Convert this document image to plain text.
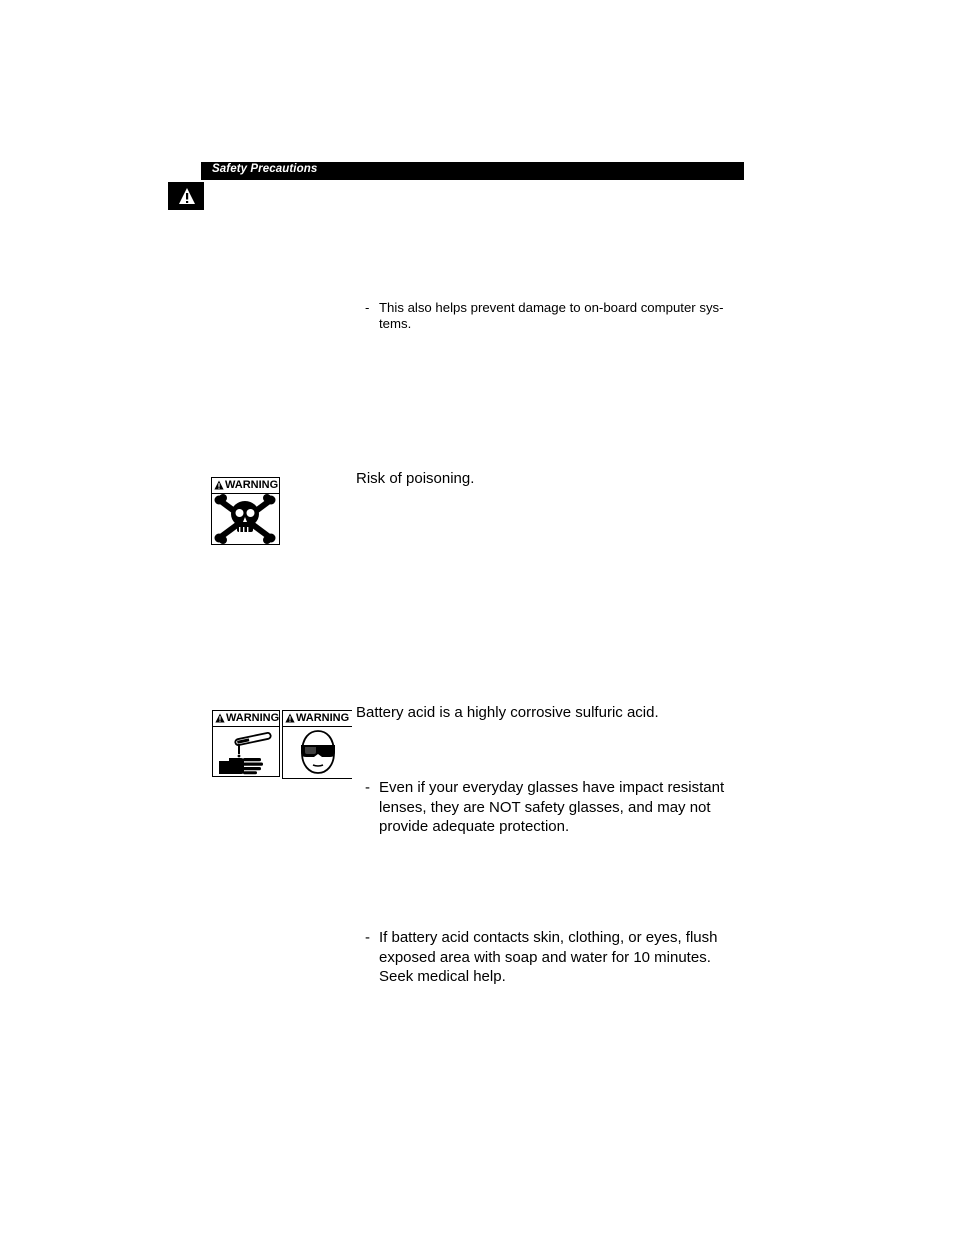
Safety Precautions
- This also helps prevent damage to on-board computer sys-
tems.
WARNING	Risk of poisoning.
WARNING WARNING Battery acid is a highly corrosive sulfuric acid.
- Even if your everyday glasses have impact resistant
lenses, they are NOT safety glasses, and may not
provide adequate protection.
- If battery acid contacts skin, clothing, or eyes, flush
exposed area with soap and water for 10 minutes.
Seek medical help.
